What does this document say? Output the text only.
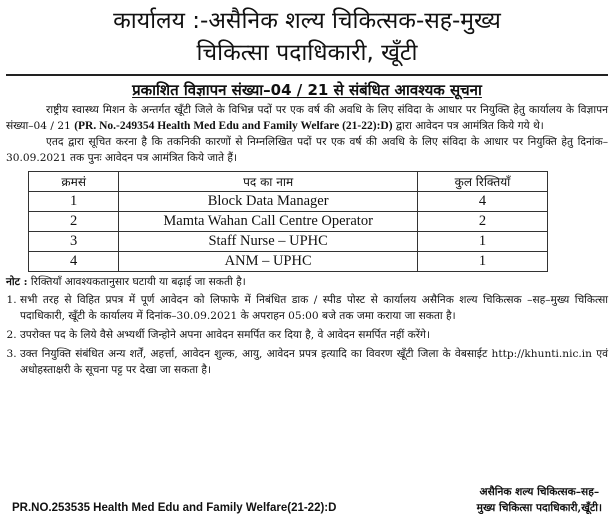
कार्यालय :-असैनिक शल्य चिकित्सक-सह-मुख्य
चिकित्सा पदाधिकारी, खूँटी
प्रकाशित विज्ञापन संख्या–04 / 21 से संबंधित आवश्यक सूचना

राष्ट्रीय स्वास्थ्य मिशन के अन्तर्गत खूँटी जिले के विभिन्न पदों पर एक वर्ष की अवधि के लिए संविदा के आधार पर नियुक्ति हेतु कार्यालय के विज्ञापन संख्या–04 / 21 (PR. No.-249354 Health Med Edu and Family Welfare (21-22):D) द्वारा आवेदन पत्र आमंत्रित किये गये थे।

एतद द्वारा सूचित करना है कि तकनिकी कारणों से निम्नलिखित पदों पर एक वर्ष की अवधि के लिए संविदा के आधार पर नियुक्ति हेतु दिनांक–30.09.2021 तक पुनः आवेदन पत्र आमंत्रित किये जाते हैं।

क्रमसं	पद का नाम	कुल रिक्तियाँ
1	Block Data Manager	4
2	Mamta Wahan Call Centre Operator	2
3	Staff Nurse – UPHC	1
4	ANM – UPHC	1

नोट : रिक्तियाँ आवश्यकतानुसार घटायी या बढ़ाई जा सकती है।

1. सभी तरह से विहित प्रपत्र में पूर्ण आवेदन को लिफाफे में निबंधित डाक / स्पीड पोस्ट से कार्यालय असैनिक शल्य चिकित्सक –सह–मुख्य चिकित्सा पदाधिकारी, खूँटी के कार्यालय में दिनांक–30.09.2021 के अपराहन 05:00 बजे तक जमा कराया जा सकता है।
2. उपरोक्त पद के लिये वैसे अभ्यर्थी जिन्होने अपना आवेदन समर्पित कर दिया है, वे आवेदन समर्पित नहीं करेंगे।
3. उक्त नियुक्ति संबंधित अन्य शर्तें, अहर्त्ता, आवेदन शुल्क, आयु, आवेदन प्रपत्र इत्यादि का विवरण खूँटी जिला के वेबसाईट http://khunti.nic.in एवं अधोहस्ताक्षरी के सूचना पट्ट पर देखा जा सकता है।
PR.NO.253535 Health Med Edu and Family Welfare(21-22):D
असैनिक शल्य चिकित्सक–सह–
मुख्य चिकित्सा पदाधिकारी,खूँटी।
